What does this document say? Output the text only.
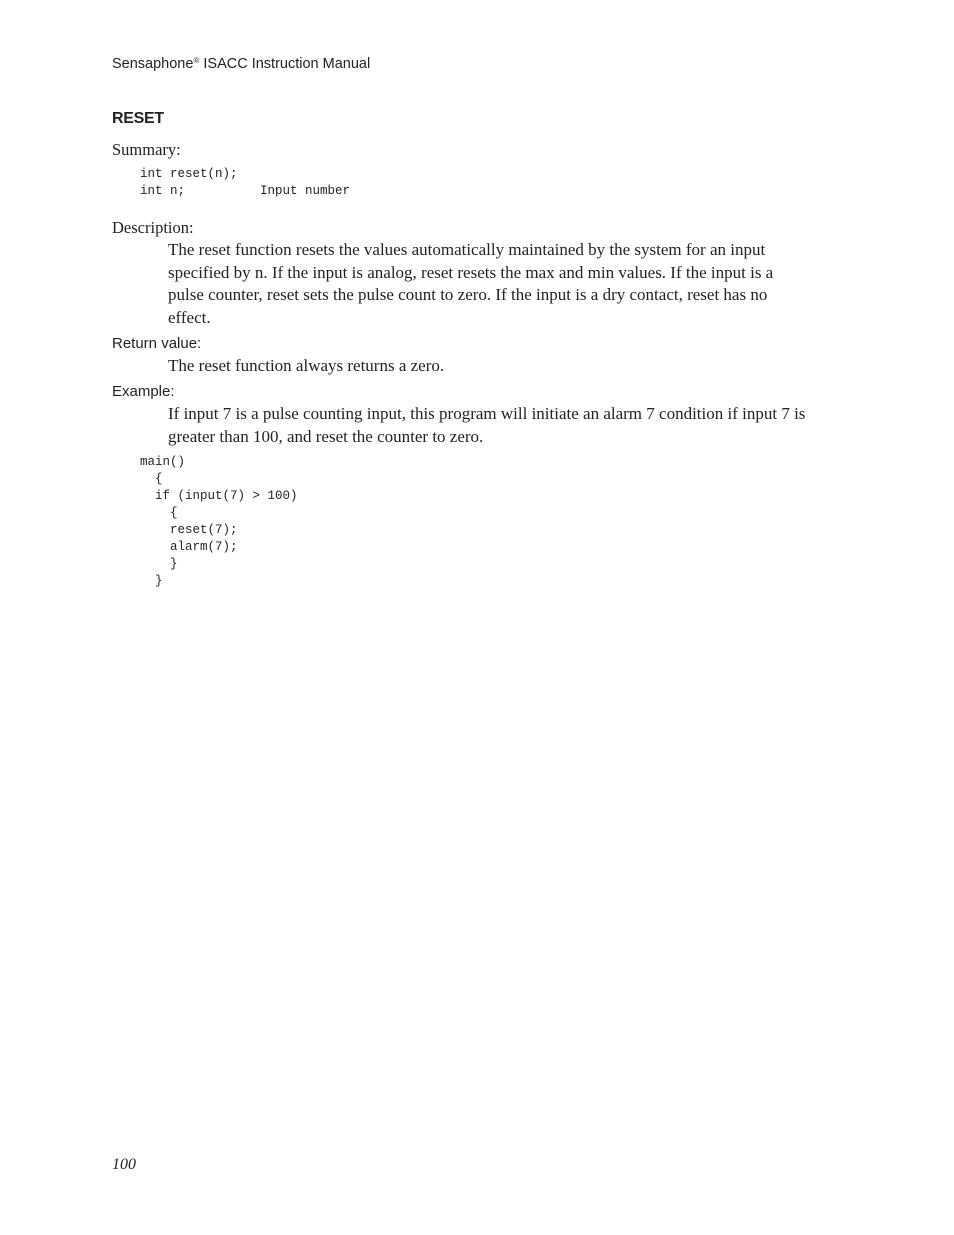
Sensaphone® ISACC Instruction Manual
RESET
Summary:
int reset(n);
int n;          Input number
Description:
The reset function resets the values automatically maintained by the system for an input specified by n. If the input is analog, reset resets the max and min values. If the input is a pulse counter, reset sets the pulse count to zero. If the input is a dry contact, reset has no effect.
Return value:
The reset function always returns a zero.
Example:
If input 7 is a pulse counting input, this program will initiate an alarm 7 condition if input 7 is greater than 100, and reset the counter to zero.
main()
{
if (input(7) > 100)
{
reset(7);
alarm(7);
}
}
100
